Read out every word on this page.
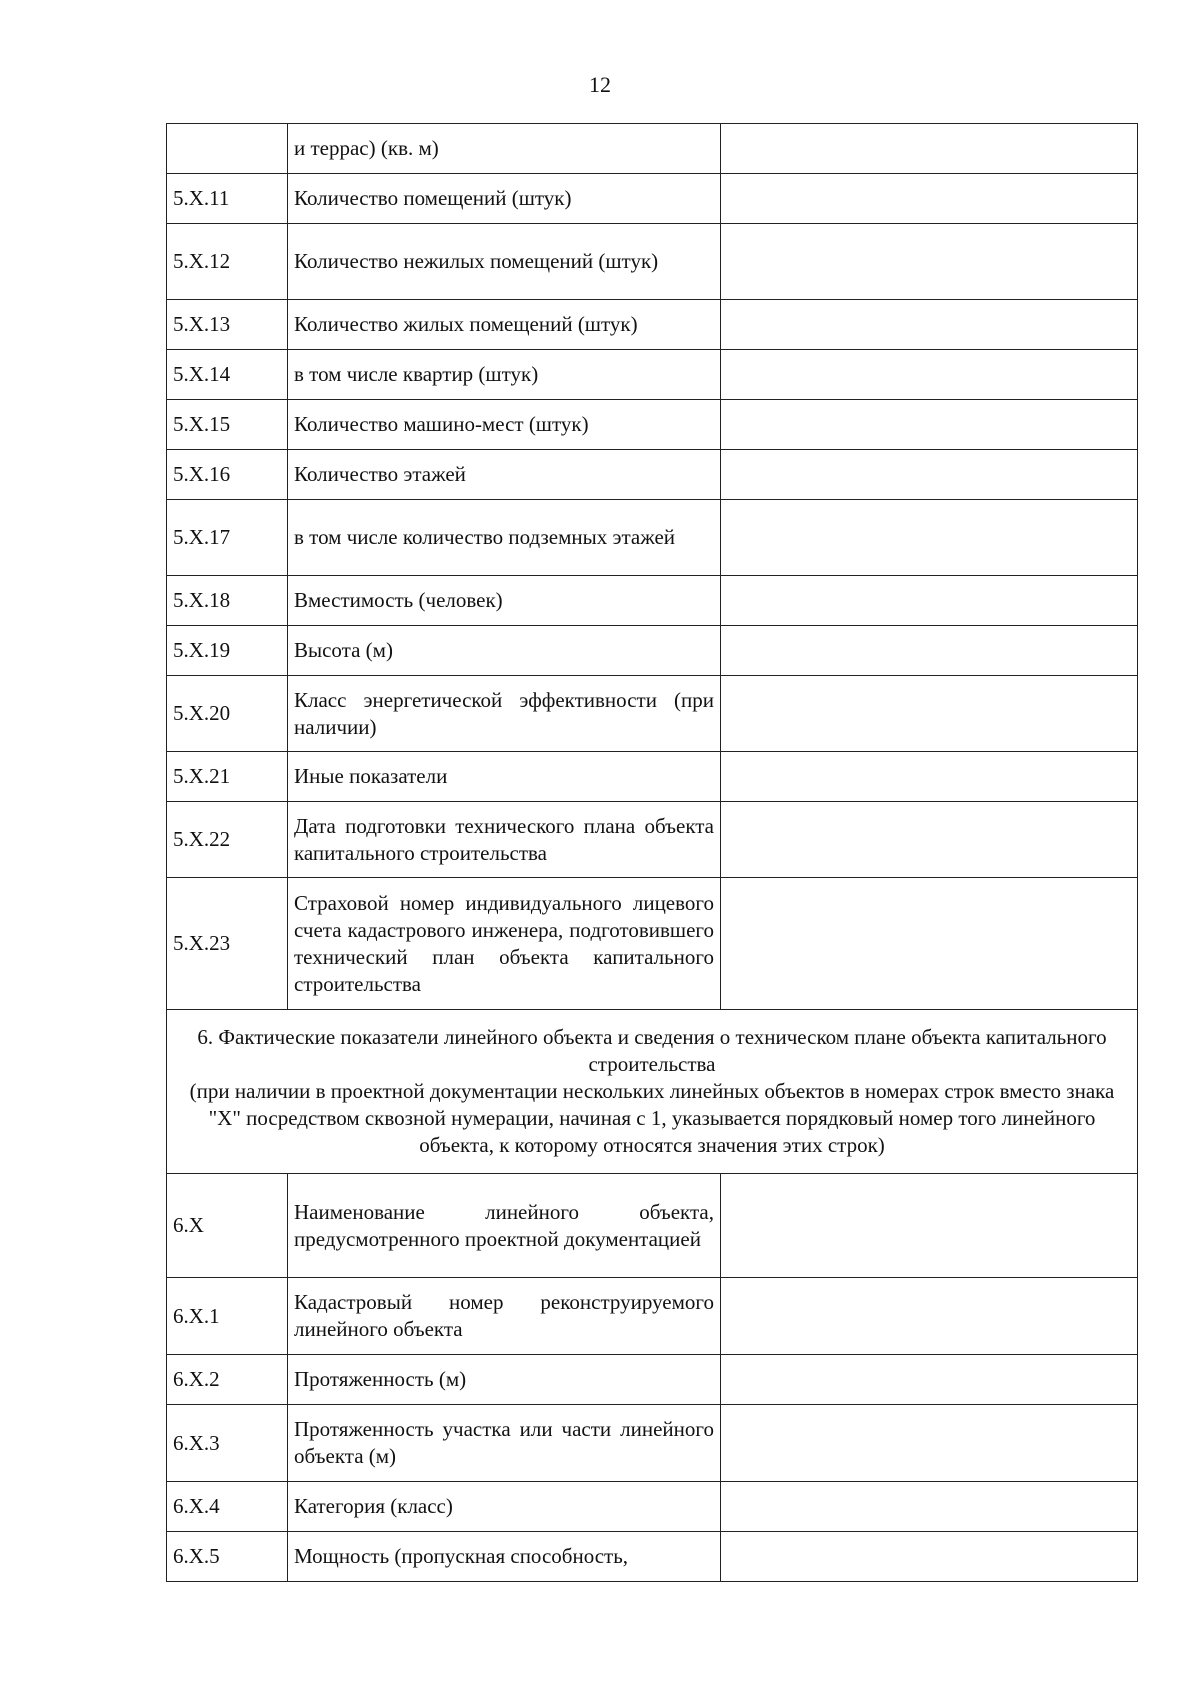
12
	и террас) (кв. м)	
5.X.11	Количество помещений (штук)	
5.X.12	Количество нежилых помещений (штук)	
5.X.13	Количество жилых помещений (штук)	
5.X.14	в том числе квартир (штук)	
5.X.15	Количество машино-мест (штук)	
5.X.16	Количество этажей	
5.X.17	в том числе количество подземных этажей	
5.X.18	Вместимость (человек)	
5.X.19	Высота (м)	
5.X.20	Класс энергетической эффективности (при наличии)	
5.X.21	Иные показатели	
5.X.22	Дата подготовки технического плана объекта капитального строительства	
5.X.23	Страховой номер индивидуального лицевого счета кадастрового инженера, подготовившего технический план объекта капитального строительства	

6. Фактические показатели линейного объекта и сведения о техническом плане объекта капитального строительства
(при наличии в проектной документации нескольких линейных объектов в номерах строк вместо знака "X" посредством сквозной нумерации, начиная с 1, указывается порядковый номер того линейного объекта, к которому относятся значения этих строк)		

6.X	Наименование линейного объекта, предусмотренного проектной документацией	
6.X.1	Кадастровый номер реконструируемого линейного объекта	
6.X.2	Протяженность (м)	
6.X.3	Протяженность участка или части линейного объекта (м)	
6.X.4	Категория (класс)	
6.X.5	Мощность (пропускная способность,	
